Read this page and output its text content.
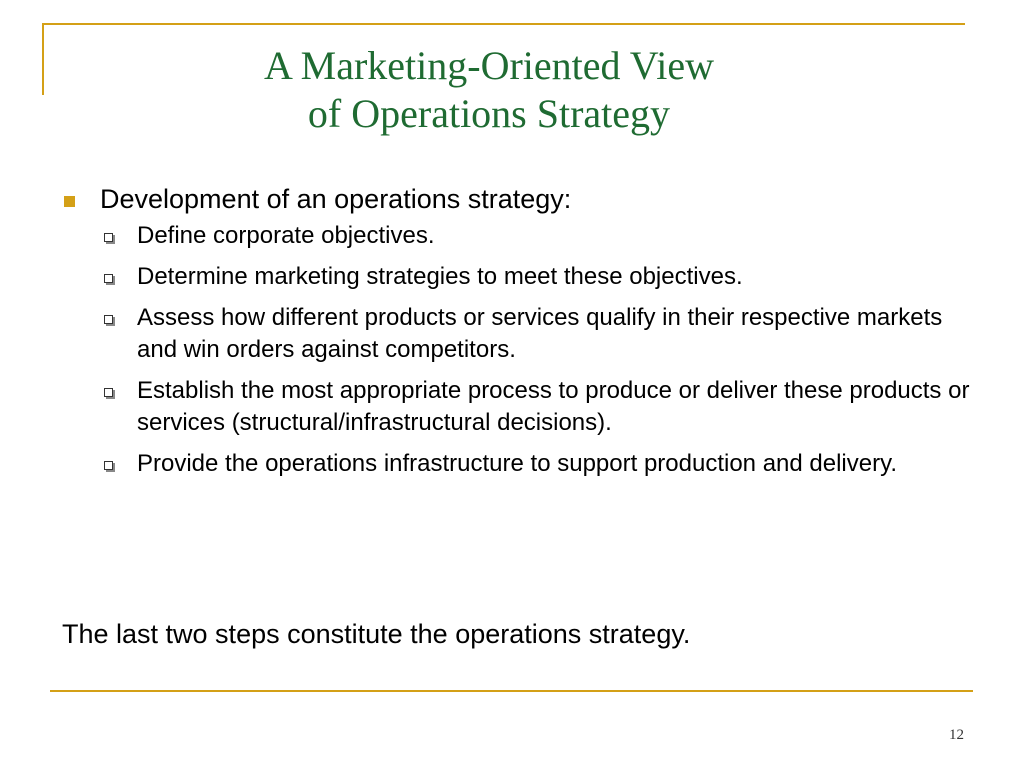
A Marketing-Oriented View
of Operations Strategy
Development of an operations strategy:
Define corporate objectives.
Determine marketing strategies to meet these objectives.
Assess how different products or services qualify in their respective markets and win orders against competitors.
Establish the most appropriate process to produce or deliver these products or services (structural/infrastructural decisions).
Provide the operations infrastructure to support production and delivery.
The last two steps constitute the operations strategy.
12
